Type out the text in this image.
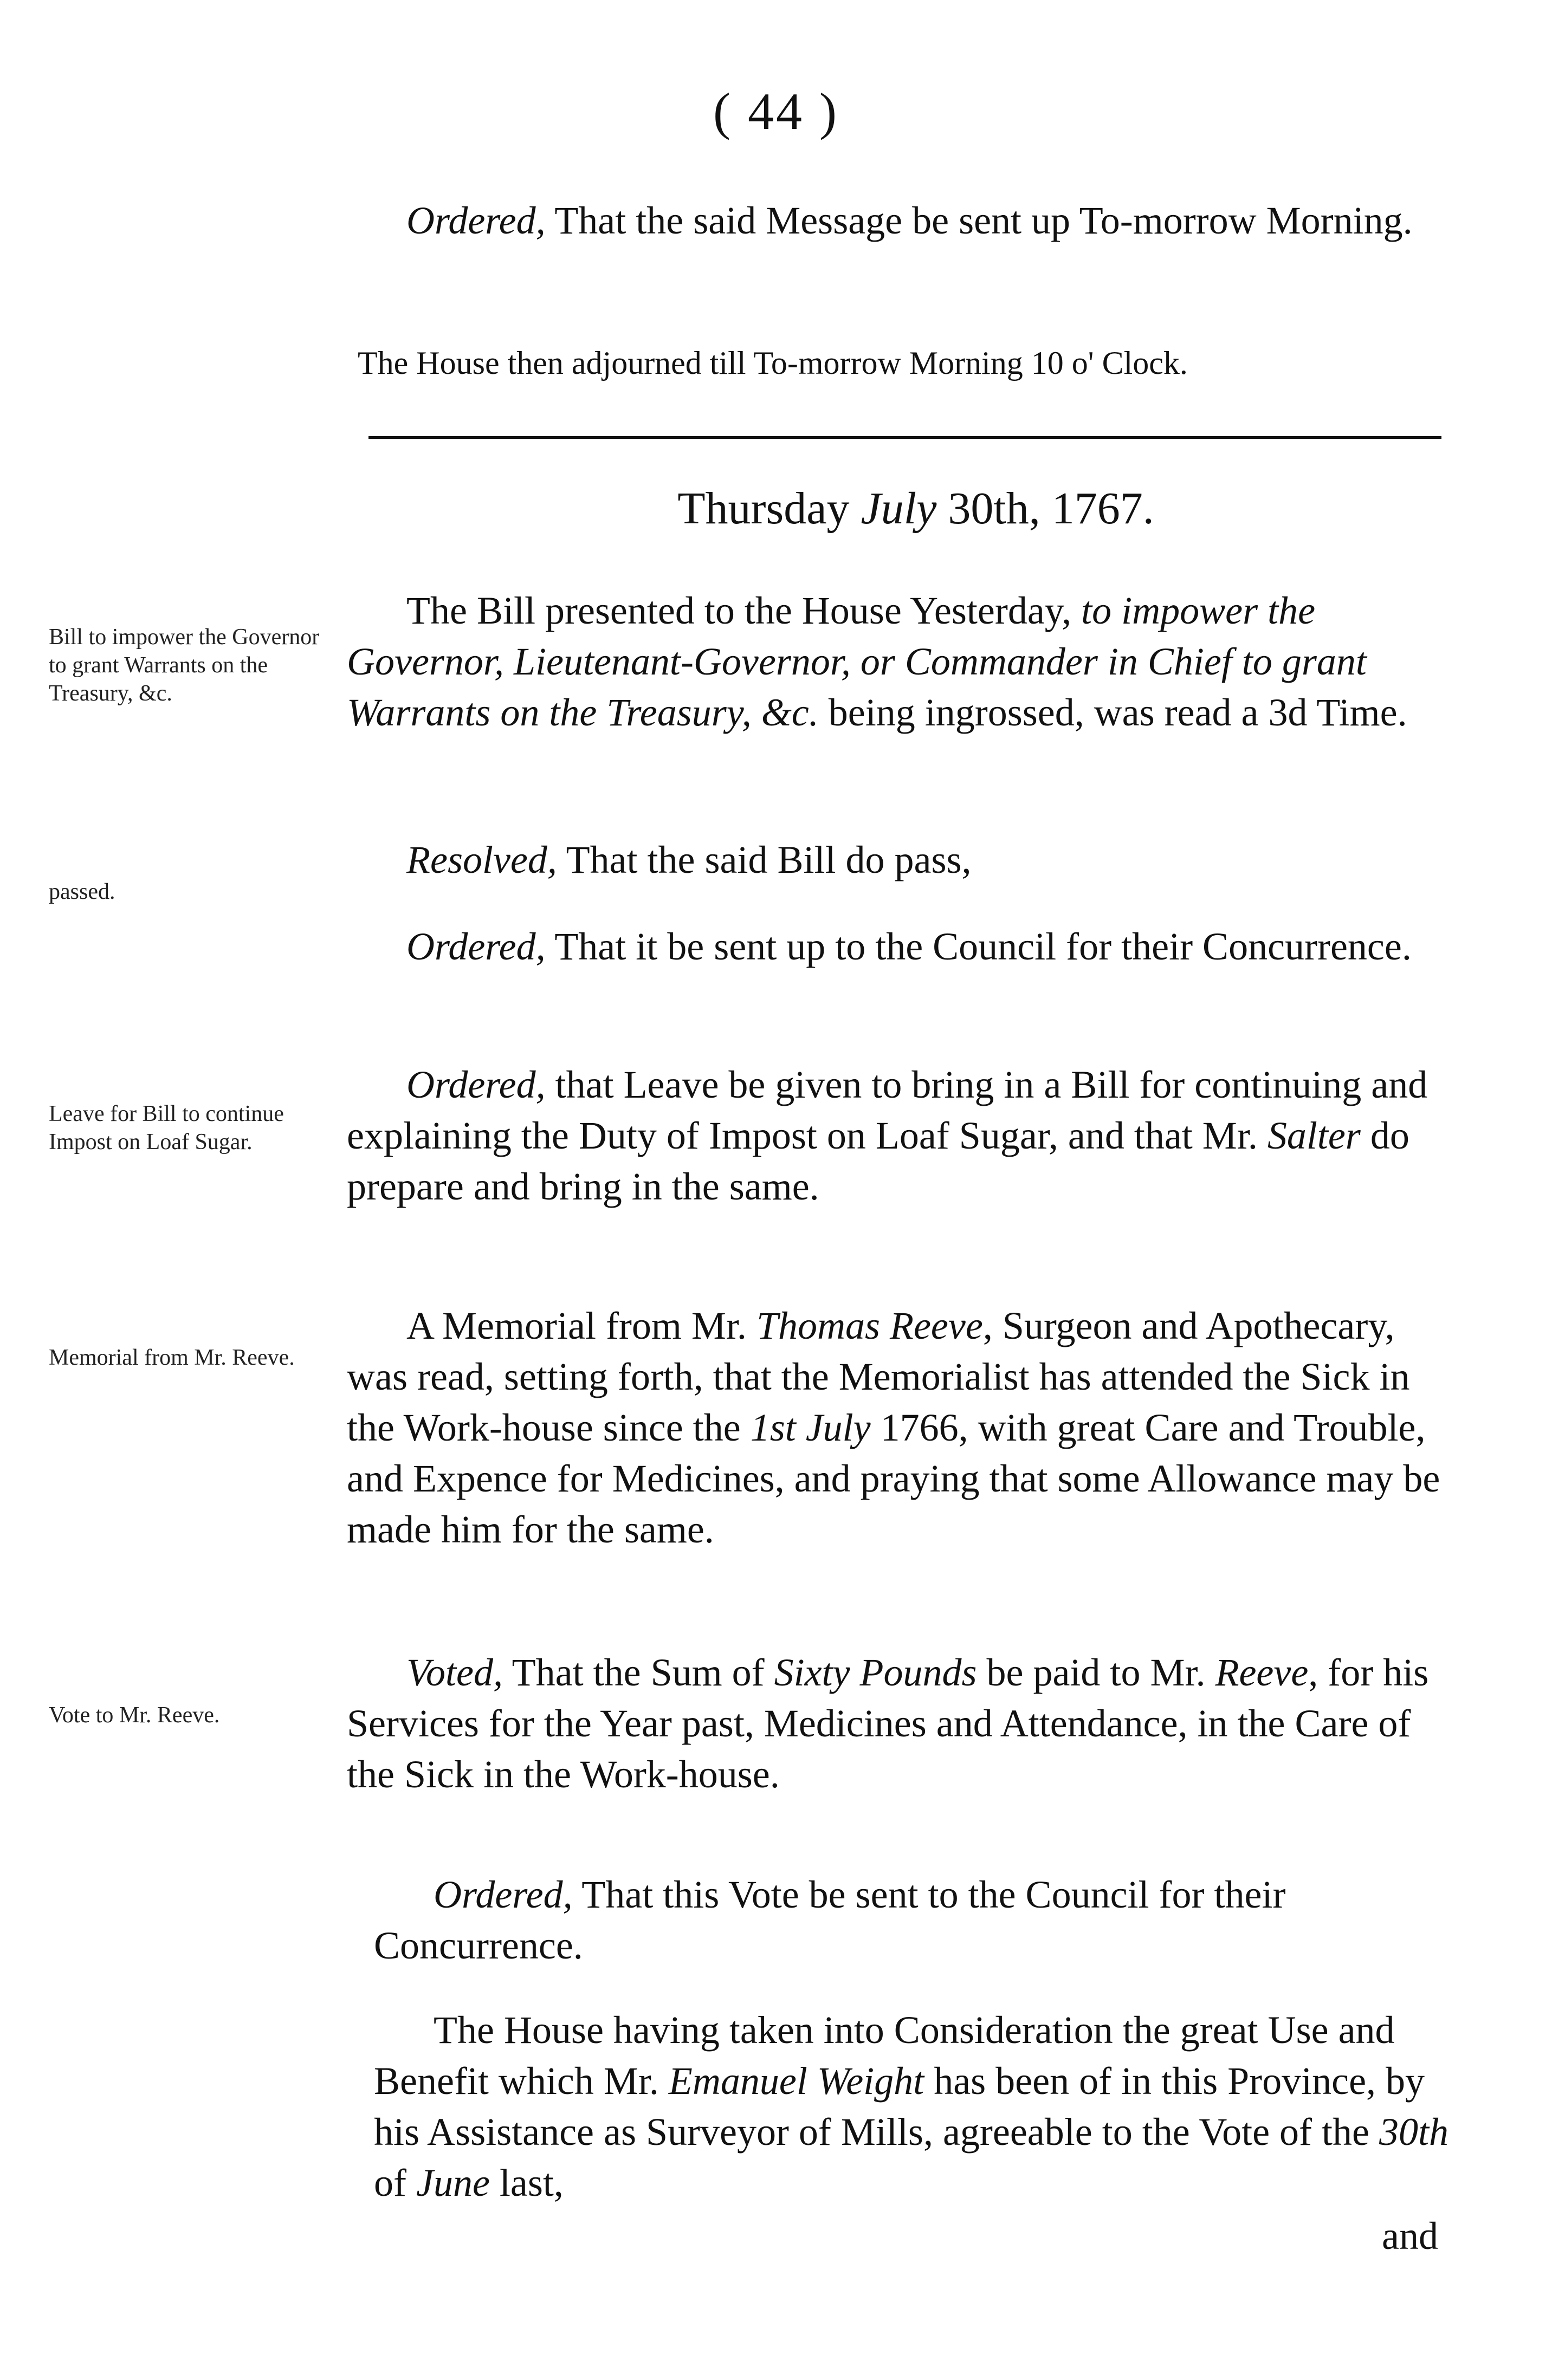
( 44 )

Ordered, That the said Message be sent up To-morrow Morning.

The House then adjourned till To-morrow Morning 10 o' Clock.

Thursday July 30th, 1767.
Bill to impower the Governor to grant Warrants on the Treasury, &c.
passed.
Leave for Bill to continue Impost on Loaf Sugar.
Memorial from Mr. Reeve.
Vote to Mr. Reeve.

The Bill presented to the House Yesterday, to impower the Governor, Lieutenant-Governor, or Commander in Chief to grant Warrants on the Treasury, &c. being ingrossed, was read a 3d Time.

Resolved, That the said Bill do pass,

Ordered, That it be sent up to the Council for their Concurrence.

Ordered, that Leave be given to bring in a Bill for continuing and explaining the Duty of Impost on Loaf Sugar, and that Mr. Salter do prepare and bring in the same.

A Memorial from Mr. Thomas Reeve, Surgeon and Apothecary, was read, setting forth, that the Memorialist has attended the Sick in the Work-house since the 1st July 1766, with great Care and Trouble, and Expence for Medicines, and praying that some Allowance may be made him for the same.

Voted, That the Sum of Sixty Pounds be paid to Mr. Reeve, for his Services for the Year past, Medicines and Attendance, in the Care of the Sick in the Work-house.

Ordered, That this Vote be sent to the Council for their Concurrence.

The House having taken into Consideration the great Use and Benefit which Mr. Emanuel Weight has been of in this Province, by his Assistance as Surveyor of Mills, agreeable to the Vote of the 30th of June last,

and
